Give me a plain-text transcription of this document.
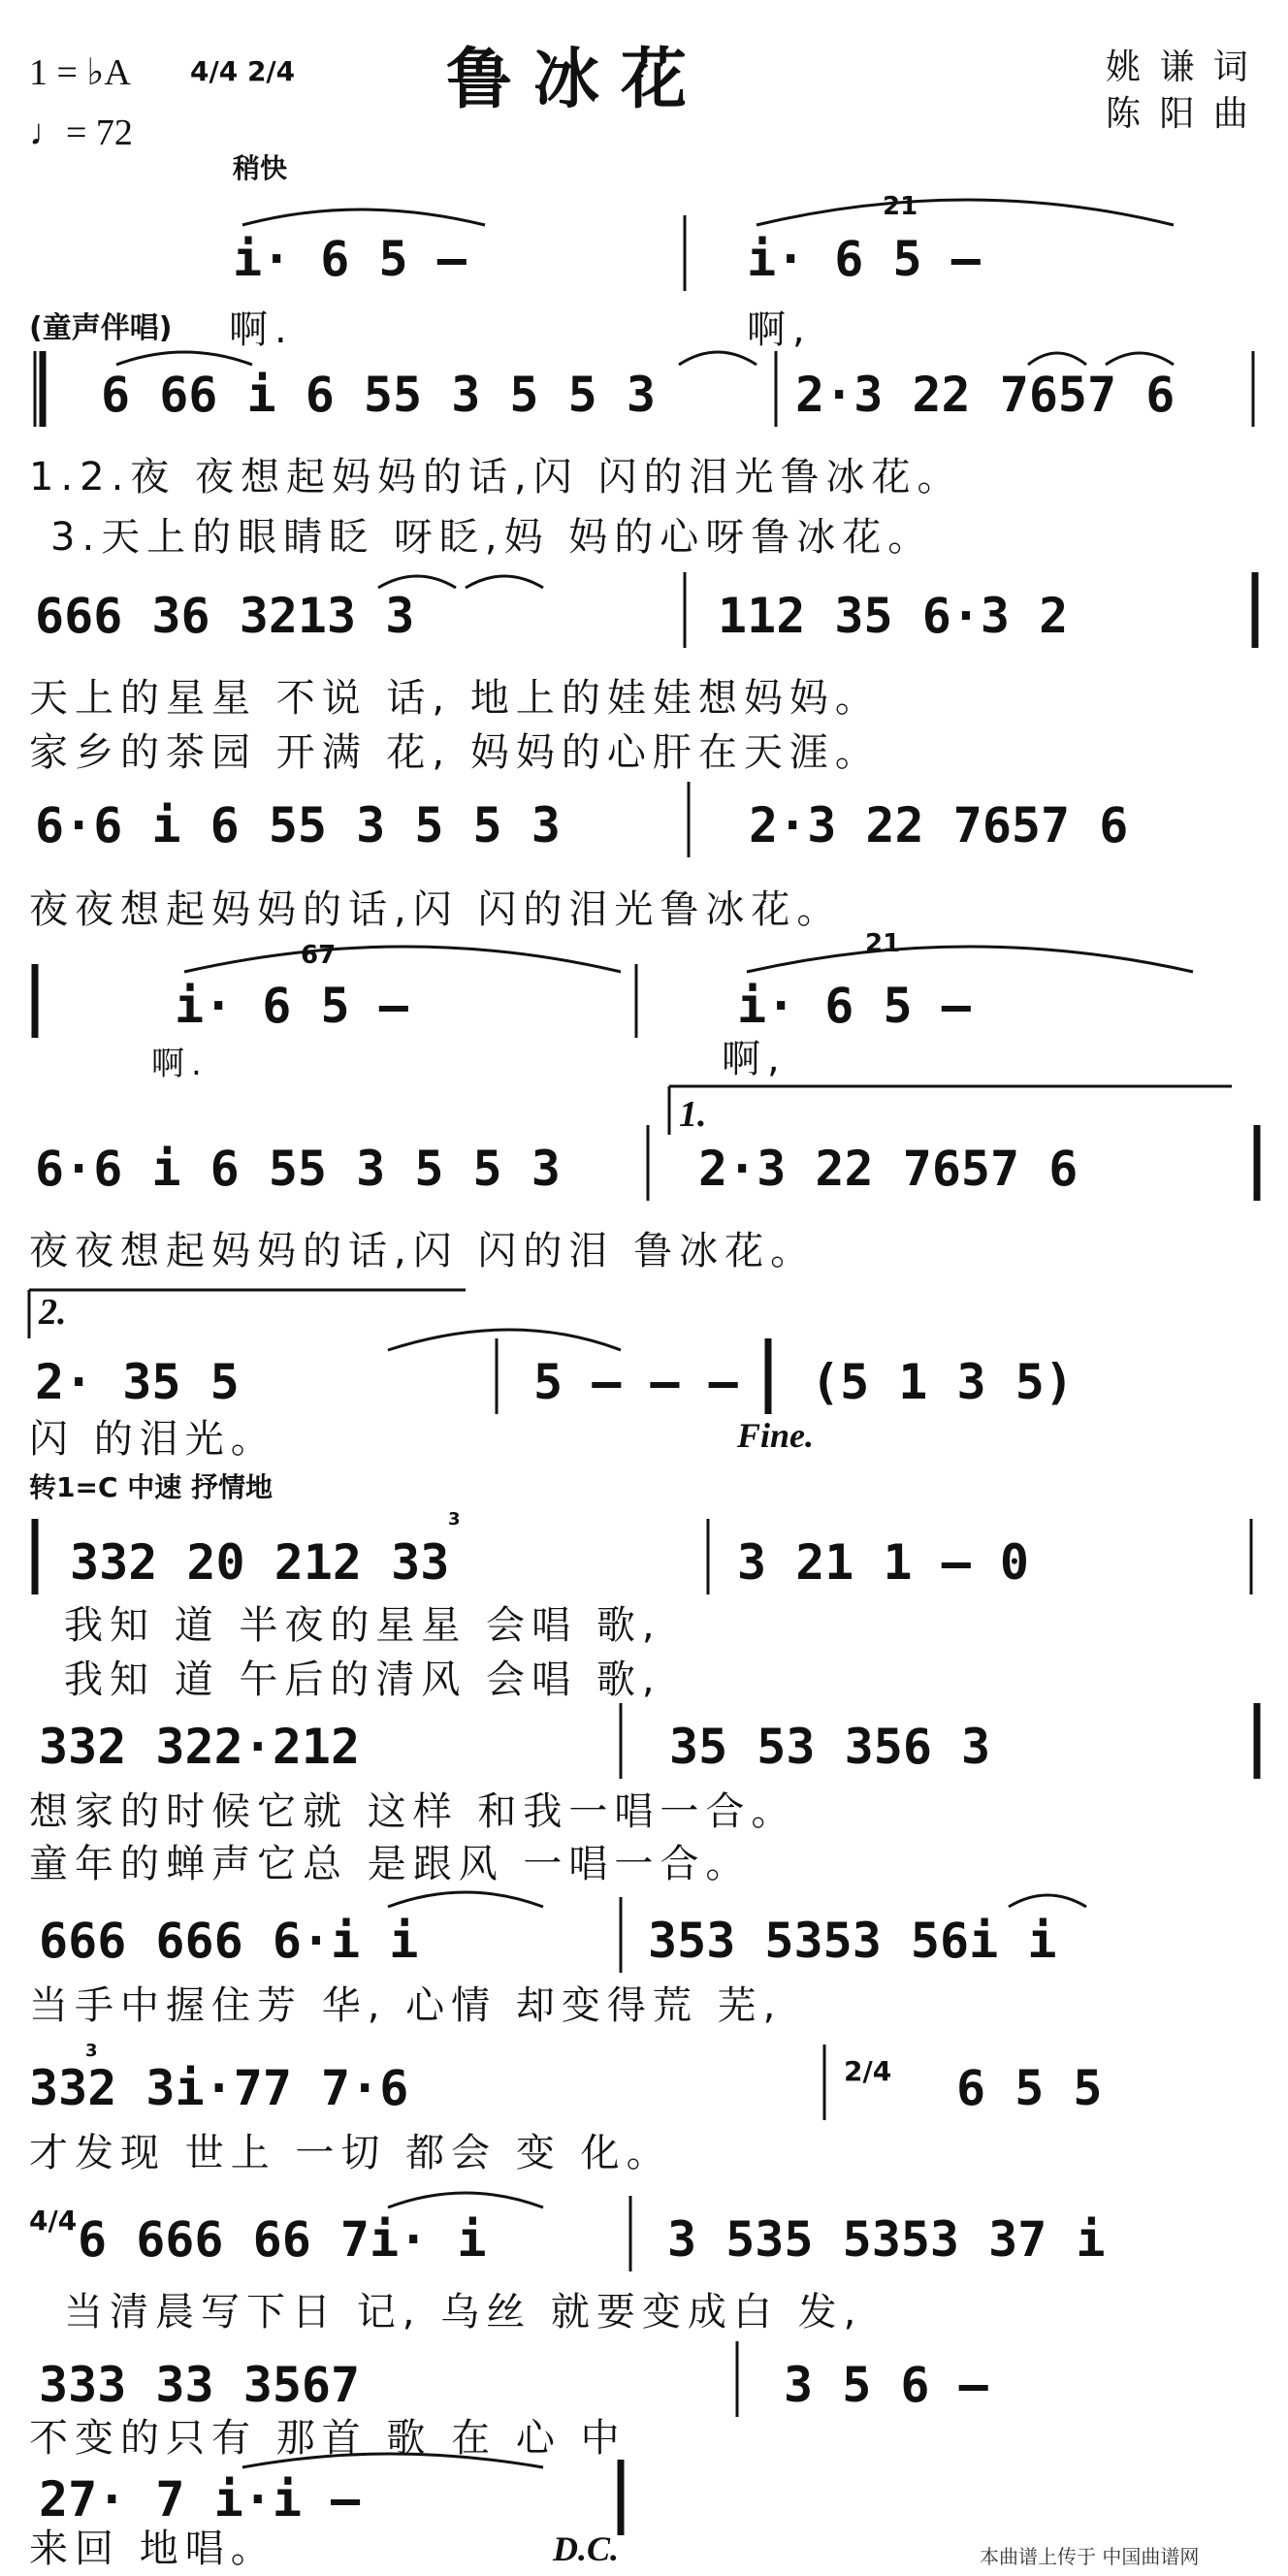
1 = ♭A 4/4 2/4
♩= 72
鲁冰花	姚 谦 词
陈 阳 曲
稍快
i· 6 5 —
21
i· 6 5 —
(童声伴唱) 啊.	啊,
6 66 i 6 55 3 5 5 3	2·3 22 7657 6
1.2.夜 夜想起妈妈的话,闪 闪的泪光鲁冰花。
3.天上的眼睛眨 呀眨,妈 妈的心呀鲁冰花。
666 36 3213 3	112 35 6·3 2
天上的星星 不说 话, 地上的娃娃想妈妈。
家乡的茶园 开满 花, 妈妈的心肝在天涯。
6·6 i 6 55 3 5 5 3	2·3 22 7657 6
夜夜想起妈妈的话,闪 闪的泪光鲁冰花。
67
i· 6 5 —
21
i· 6 5 —
啊.	啊,
1.
6·6 i 6 55 3 5 5 3	2·3 22 7657 6
夜夜想起妈妈的话,闪 闪的泪 鲁冰花。
2.
2· 35 5	5 — — — (5 1 3 5)
闪 的泪光。	Fine.
转1=C 中速 抒情地
3
332 20 212 33	3 21 1 — 0
我知 道 半夜的星星 会唱 歌,
我知 道 午后的清风 会唱 歌,
332 322·212	35 53 356 3
想家的时候它就 这样 和我一唱一合。
童年的蝉声它总 是跟风 一唱一合。
666 666 6·i i	353 5353 56i i
当手中握住芳 华, 心情 却变得荒 芜,
3
332 3i·77 7·6	2/4 6 5 5
才发现 世上 一切 都会 变 化。
4/4 6 666 66 7i· i	3 535 5353 37 i
当清晨写下日 记, 乌丝 就要变成白 发,
333 33 3567	3 5 6 —
不变的只有 那首 歌 在 心 中
27· 7 i·i —
来回 地唱。	D.C.	本曲谱上传于 中国曲谱网
